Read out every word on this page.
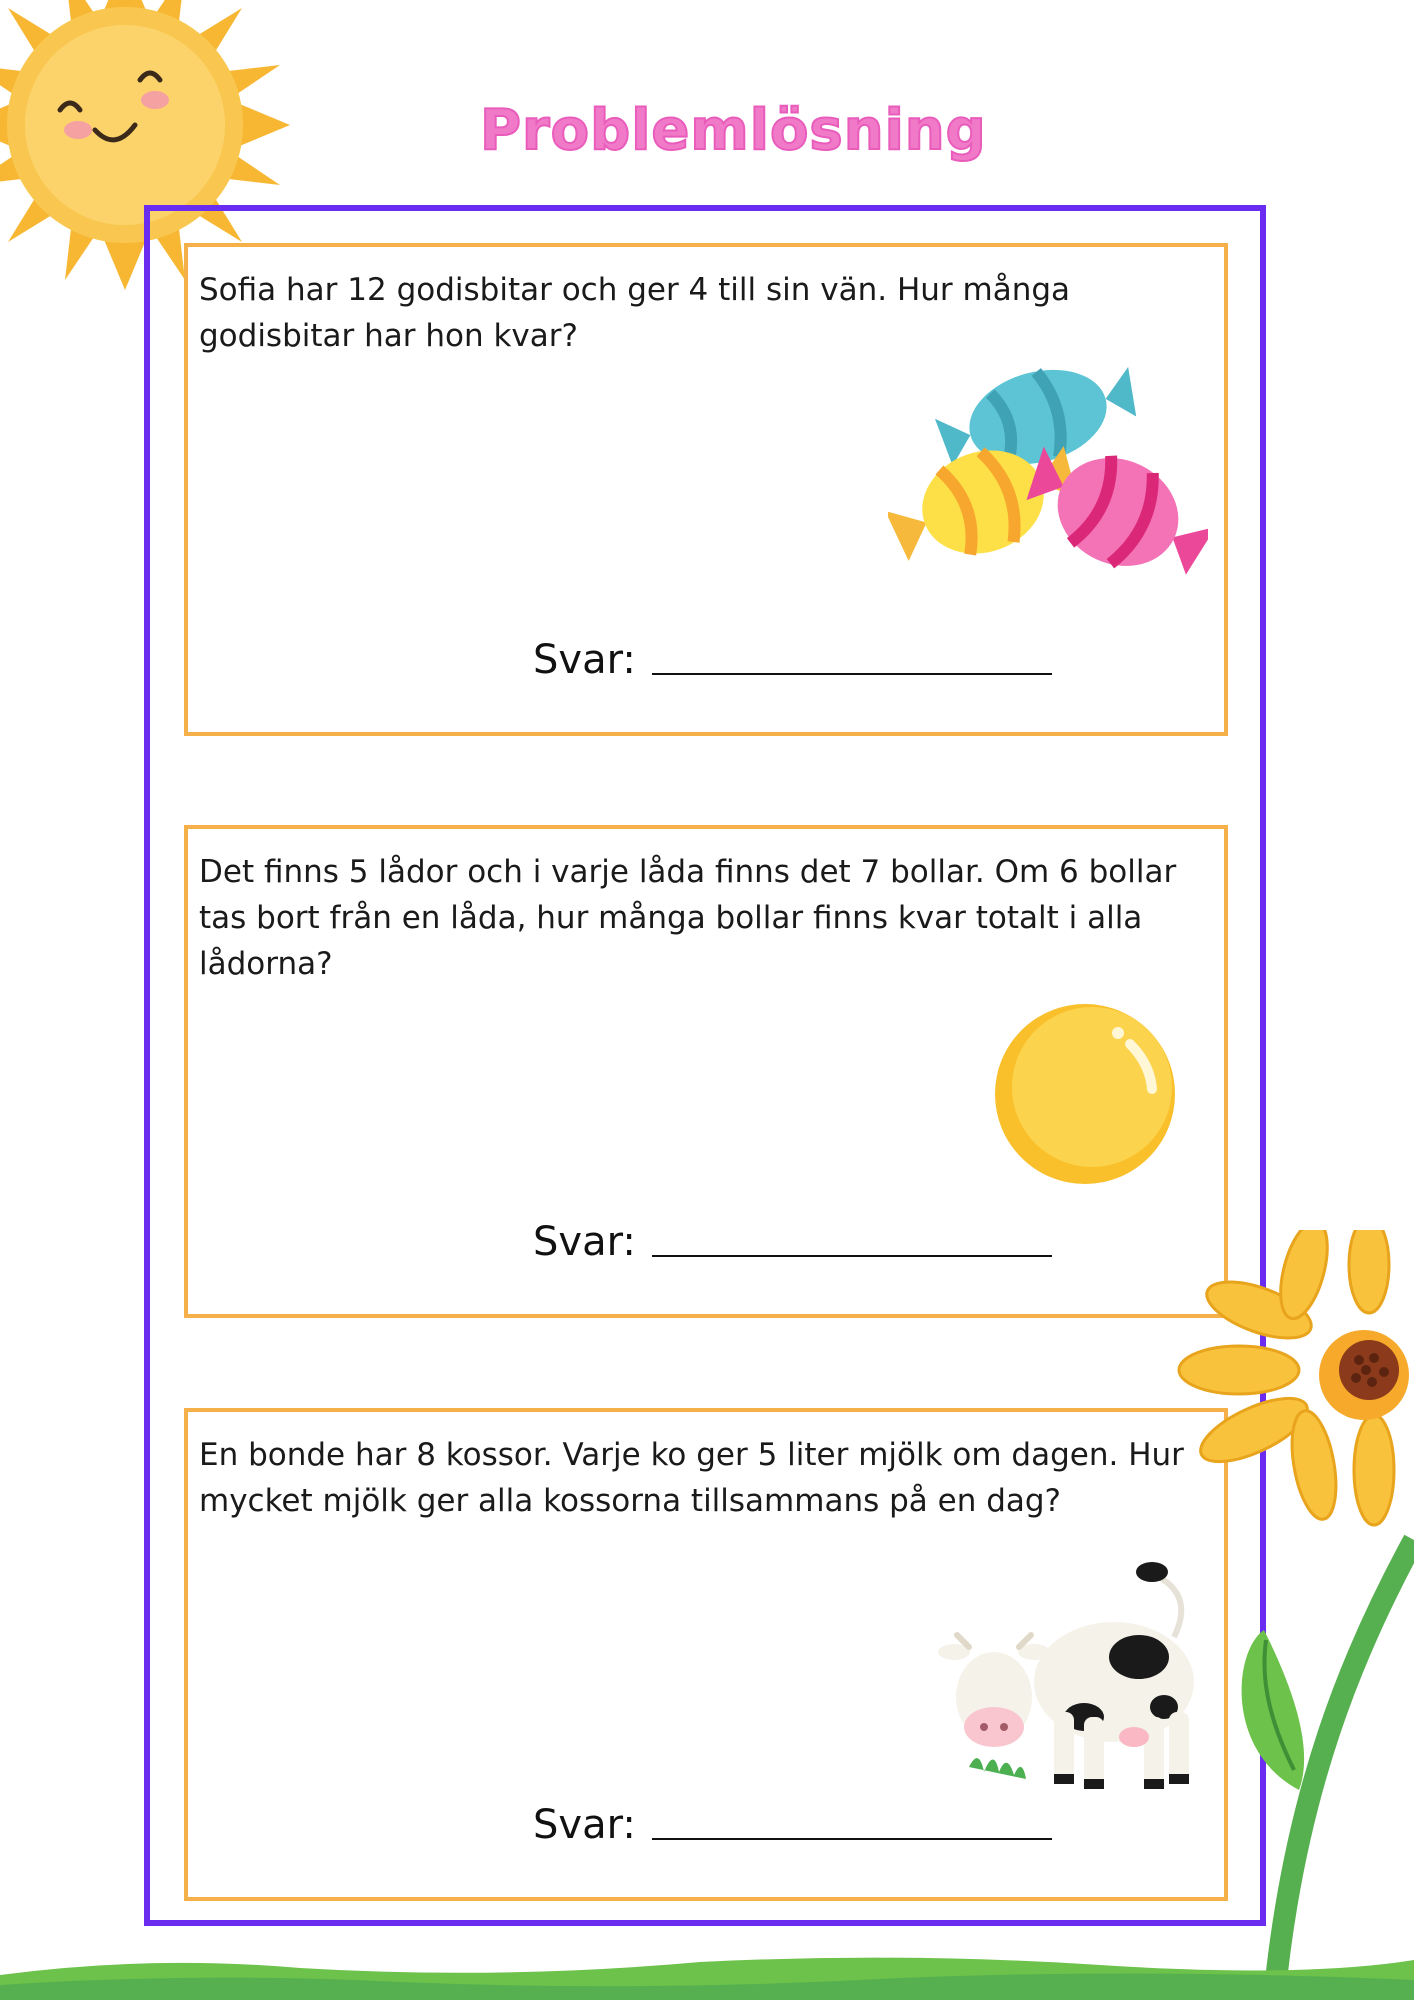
Problemlösning
Sofia har 12 godisbitar och ger 4 till sin vän. Hur många godisbitar har hon kvar?
Svar:
Det finns 5 lådor och i varje låda finns det 7 bollar. Om 6 bollar tas bort från en låda, hur många bollar finns kvar totalt i alla lådorna?
Svar:
En bonde har 8 kossor. Varje ko ger 5 liter mjölk om dagen. Hur mycket mjölk ger alla kossorna tillsammans på en dag?
Svar:
